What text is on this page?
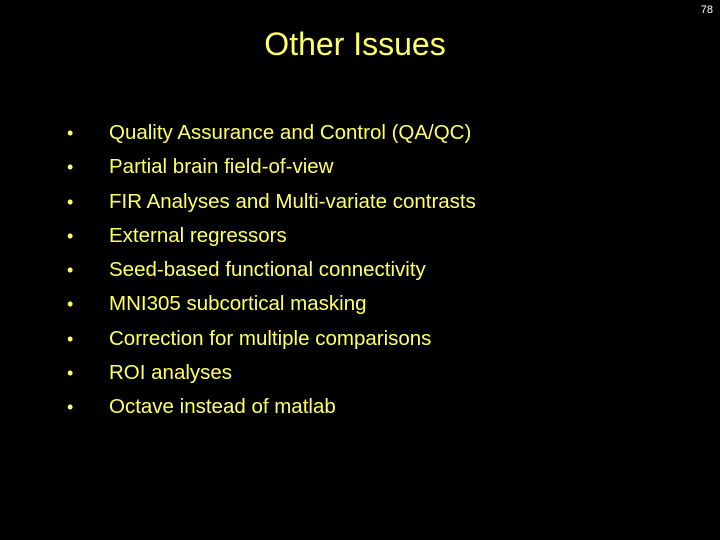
78
Other Issues
• Quality Assurance and Control (QA/QC)
• Partial brain field-of-view
• FIR Analyses and Multi-variate contrasts
• External regressors
• Seed-based functional connectivity
• MNI305 subcortical masking
• Correction for multiple comparisons
• ROI analyses
• Octave instead of matlab
